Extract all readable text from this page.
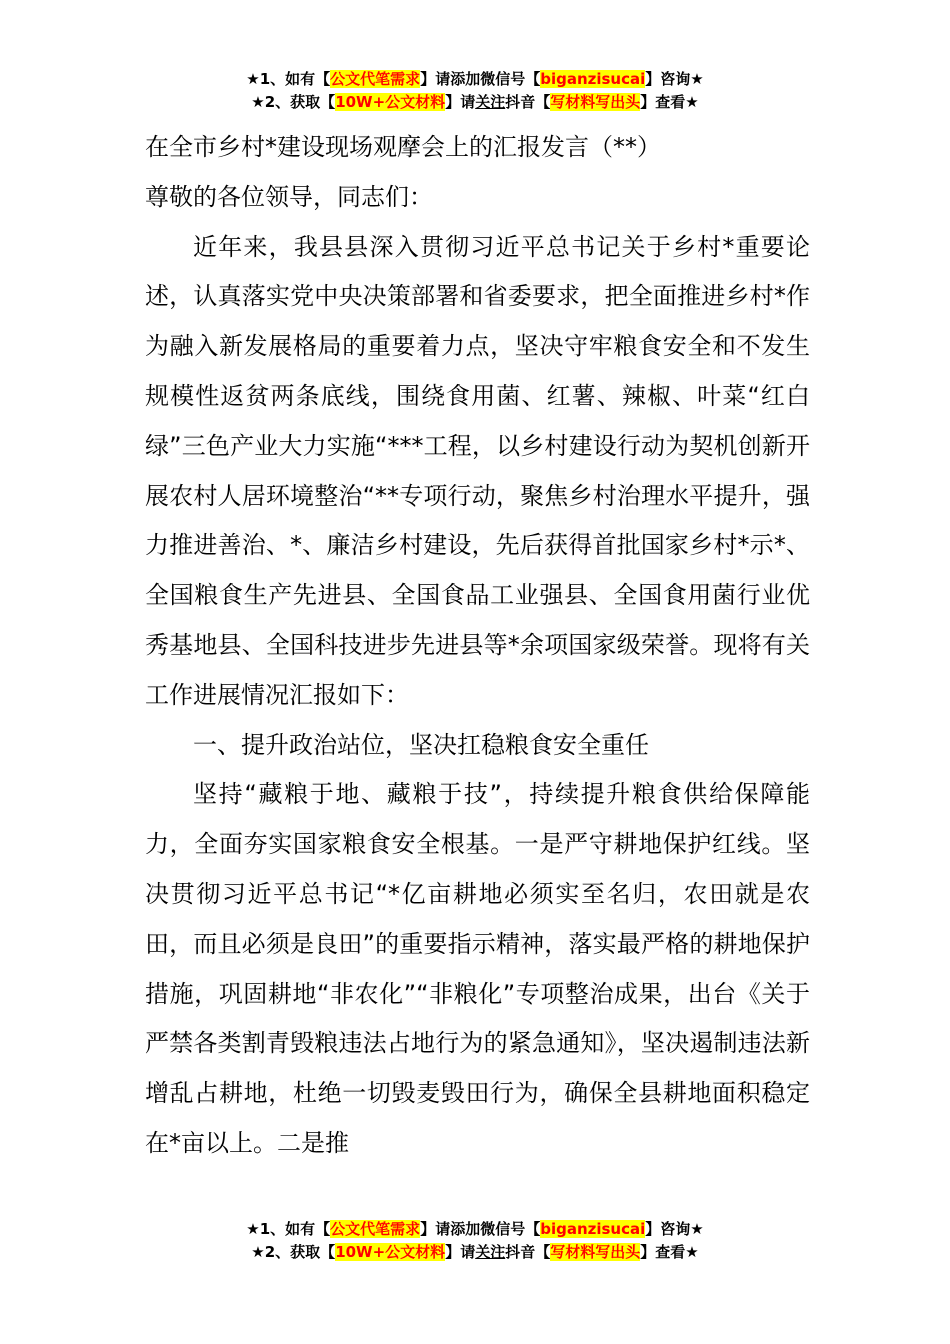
★1、如有【公文代笔需求】请添加微信号【biganzisucai】咨询★
★2、获取【10W+公文材料】请关注抖音【写材料写出头】查看★

在全市乡村*建设现场观摩会上的汇报发言（**）

尊敬的各位领导，同志们：

近年来，我县县深入贯彻习近平总书记关于乡村*重要论述，认真落实党中央决策部署和省委要求，把全面推进乡村*作为融入新发展格局的重要着力点，坚决守牢粮食安全和不发生规模性返贫两条底线，围绕食用菌、红薯、辣椒、叶菜“红白绿”三色产业大力实施“***工程，以乡村建设行动为契机创新开展农村人居环境整治“**专项行动，聚焦乡村治理水平提升，强力推进善治、*、廉洁乡村建设，先后获得首批国家乡村*示*、全国粮食生产先进县、全国食品工业强县、全国食用菌行业优秀基地县、全国科技进步先进县等*余项国家级荣誉。现将有关工作进展情况汇报如下：

一、提升政治站位，坚决扛稳粮食安全重任

坚持“藏粮于地、藏粮于技”，持续提升粮食供给保障能力，全面夯实国家粮食安全根基。一是严守耕地保护红线。坚决贯彻习近平总书记“*亿亩耕地必须实至名归，农田就是农田，而且必须是良田”的重要指示精神，落实最严格的耕地保护措施，巩固耕地“非农化”“非粮化”专项整治成果，出台《关于严禁各类割青毁粮违法占地行为的紧急通知》，坚决遏制违法新增乱占耕地，杜绝一切毁麦毁田行为，确保全县耕地面积稳定在*亩以上。二是推

★1、如有【公文代笔需求】请添加微信号【biganzisucai】咨询★
★2、获取【10W+公文材料】请关注抖音【写材料写出头】查看★
